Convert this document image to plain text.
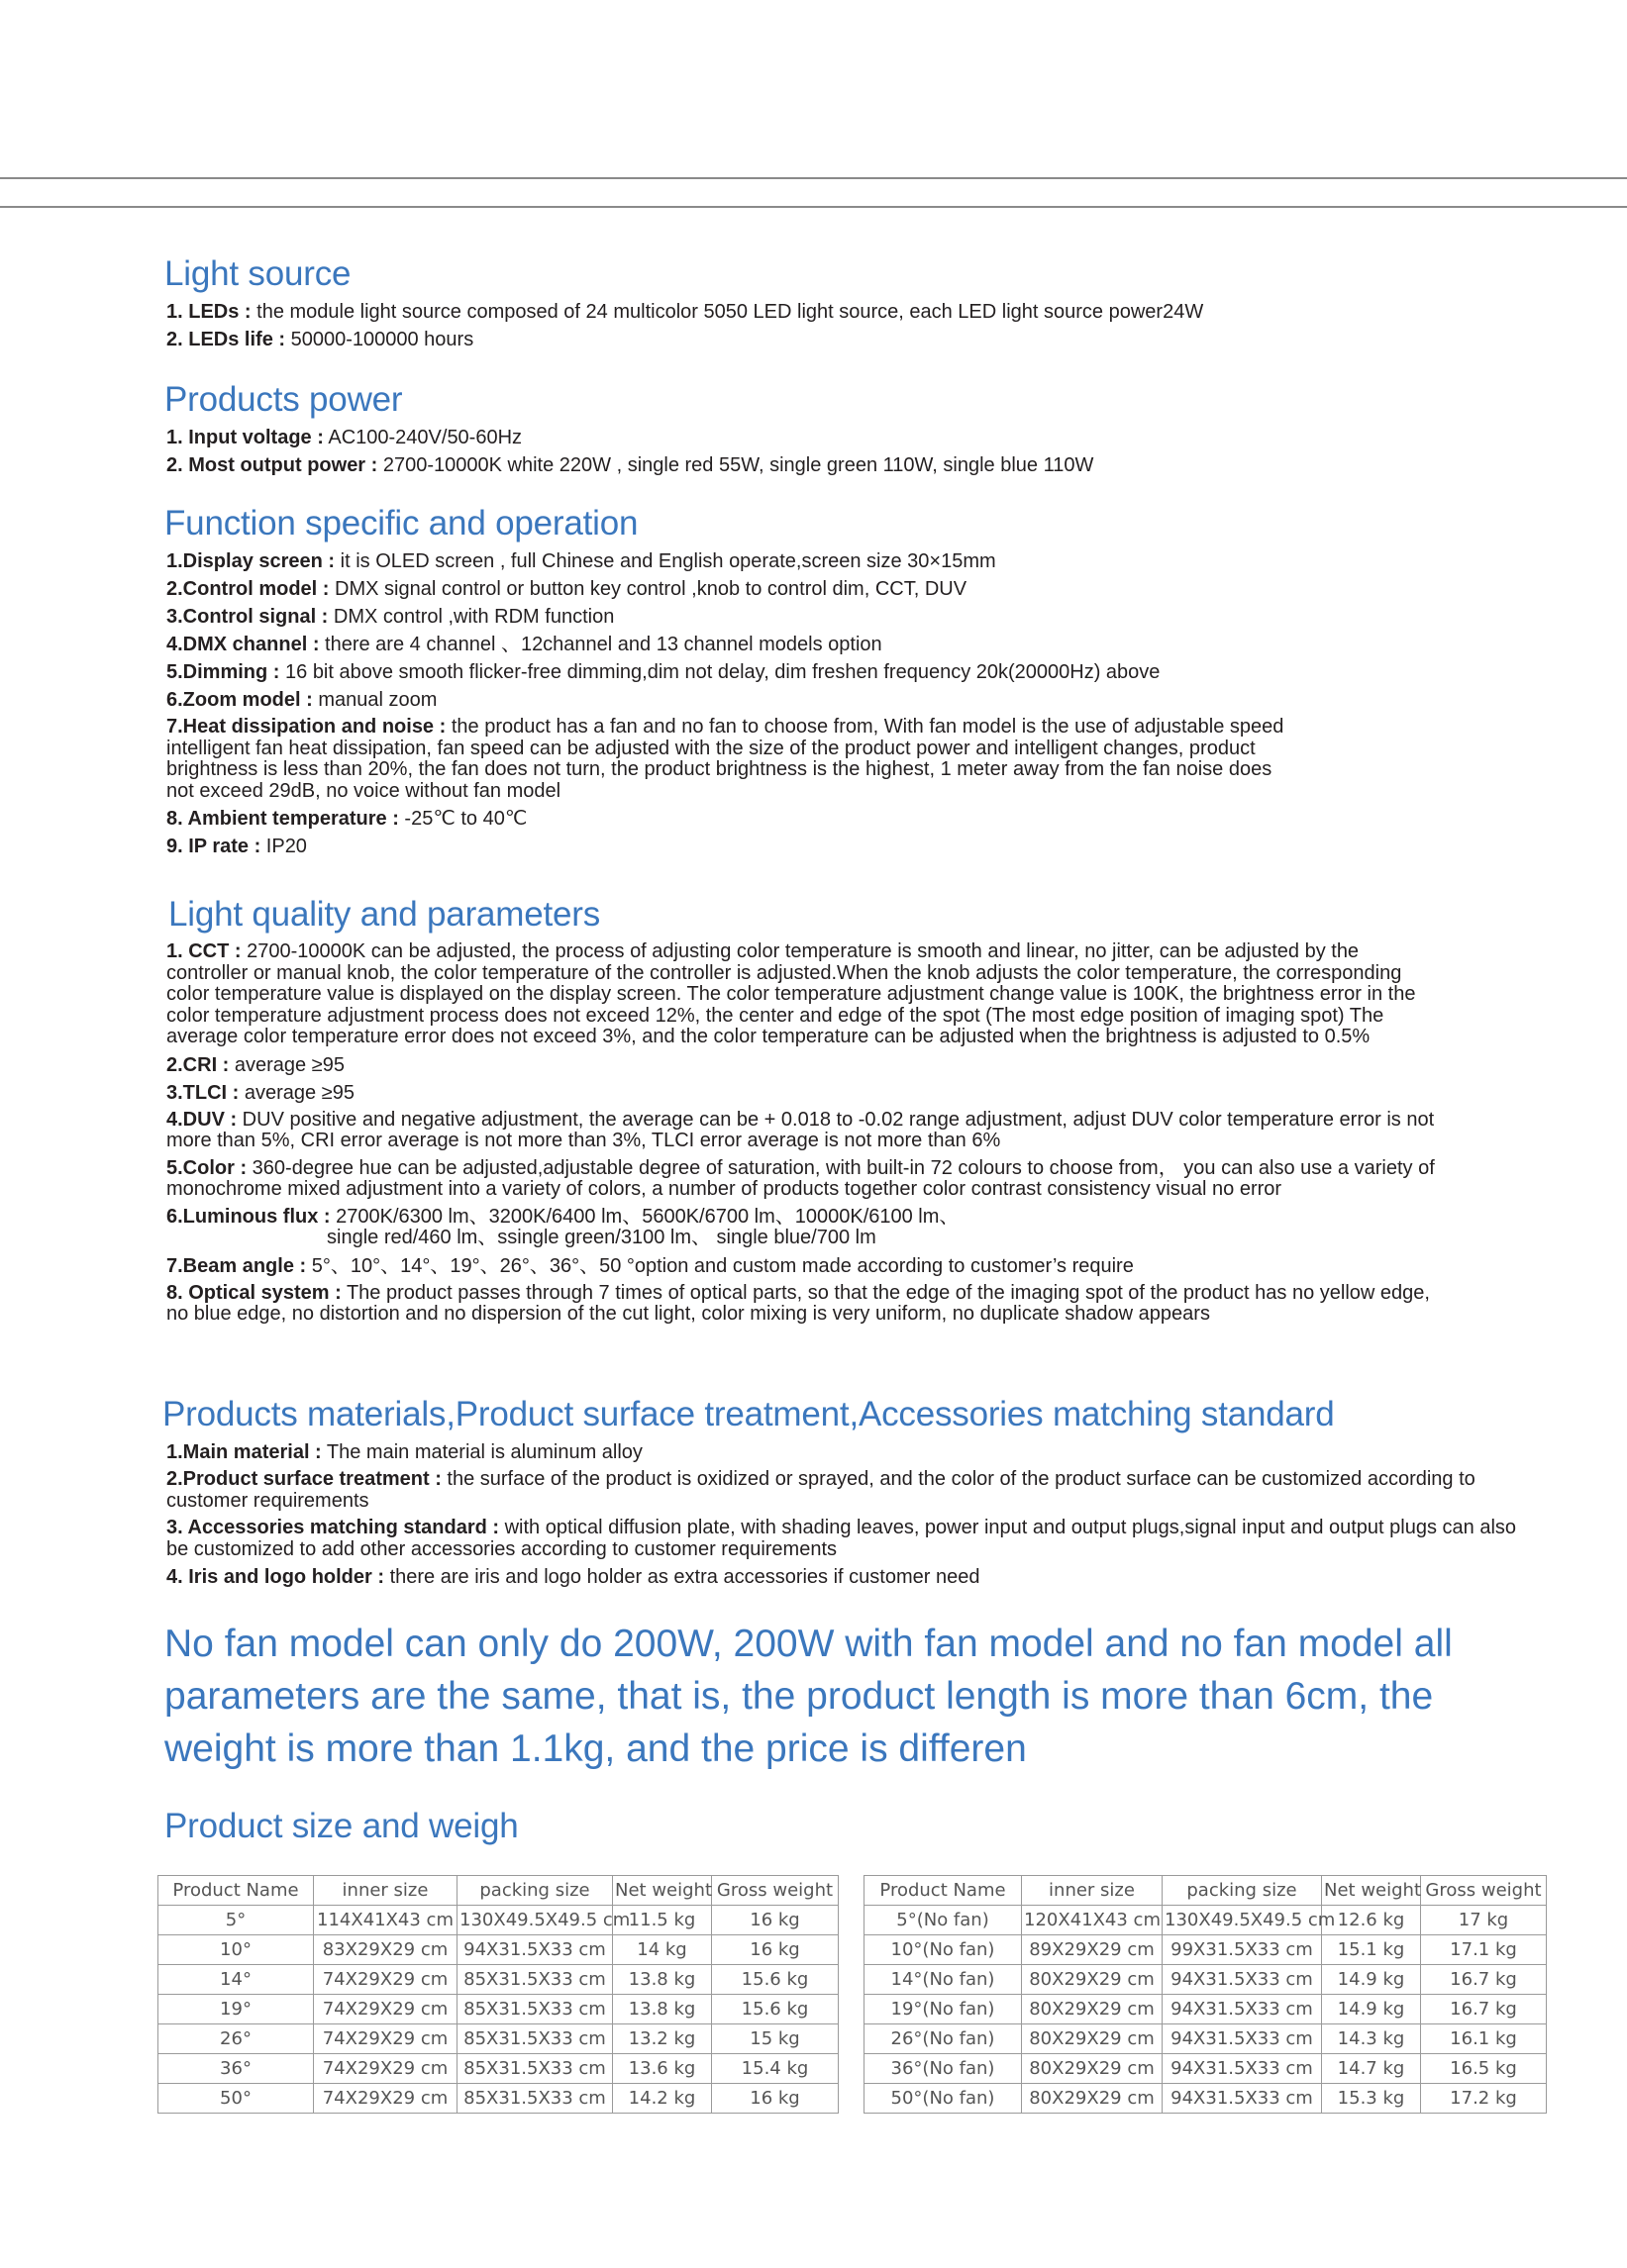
Light source
1. LEDs : the module light source composed of 24 multicolor 5050 LED light source, each LED light source power24W
2. LEDs life : 50000-100000 hours
Products power
1. Input voltage : AC100-240V/50-60Hz
2. Most output power : 2700-10000K white 220W , single red 55W, single green 110W, single blue 110W
Function specific and operation
1.Display screen : it is OLED screen , full Chinese and English operate,screen size 30×15mm
2.Control model : DMX signal control or button key control ,knob to control dim, CCT, DUV
3.Control signal : DMX control ,with RDM function
4.DMX channel : there are 4 channel 、12channel and 13 channel models option
5.Dimming : 16 bit above smooth flicker-free dimming,dim not delay, dim freshen frequency 20k(20000Hz) above
6.Zoom model : manual zoom
7.Heat dissipation and noise : the product has a fan and no fan to choose from, With fan model is the use of adjustable speed intelligent fan heat dissipation, fan speed can be adjusted with the size of the product power and intelligent changes, product brightness is less than 20%, the fan does not turn, the product brightness is the highest, 1 meter away from the fan noise does not exceed 29dB, no voice without fan model
8. Ambient temperature : -25℃ to 40℃
9. IP rate : IP20
Light quality and parameters
1. CCT : 2700-10000K can be adjusted, the process of adjusting color temperature is smooth and linear, no jitter, can be adjusted by the controller or manual knob, the color temperature of the controller is adjusted.When the knob adjusts the color temperature, the corresponding color temperature value is displayed on the display screen. The color temperature adjustment change value is 100K, the brightness error in the color temperature adjustment process does not exceed 12%, the center and edge of the spot (The most edge position of imaging spot) The average color temperature error does not exceed 3%, and the color temperature can be adjusted when the brightness is adjusted to 0.5%
2.CRI : average ≥95
3.TLCI : average ≥95
4.DUV : DUV positive and negative adjustment, the average can be + 0.018 to -0.02 range adjustment, adjust DUV color temperature error is not more than 5%, CRI error average is not more than 3%, TLCI error average is not more than 6%
5.Color : 360-degree hue can be adjusted,adjustable degree of saturation, with built-in 72 colours to choose from， you can also use a variety of monochrome mixed adjustment into a variety of colors, a number of products together color contrast consistency visual no error
6.Luminous flux : 2700K/6300 lm、3200K/6400 lm、5600K/6700 lm、10000K/6100 lm、
single red/460 lm、ssingle green/3100 lm、 single blue/700 lm
7.Beam angle : 5°、10°、14°、19°、26°、36°、50 °option and custom made according to customer’s require
8. Optical system : The product passes through 7 times of optical parts, so that the edge of the imaging spot of the product has no yellow edge, no blue edge, no distortion and no dispersion of the cut light, color mixing is very uniform, no duplicate shadow appears
Products materials,Product surface treatment,Accessories matching standard
1.Main material : The main material is aluminum alloy
2.Product surface treatment : the surface of the product is oxidized or sprayed, and the color of the product surface can be customized according to customer requirements
3. Accessories matching standard : with optical diffusion plate, with shading leaves, power input and output plugs,signal input and output plugs can also be customized to add other accessories according to customer requirements
4. Iris and logo holder : there are iris and logo holder as extra accessories if customer need
No fan model can only do 200W, 200W with fan model and no fan model all parameters are the same, that is, the product length is more than 6cm, the weight is more than 1.1kg, and the price is differen
Product size and weigh
Product Name	inner size	packing size	Net weight	Gross weight
5°	114X41X43 cm	130X49.5X49.5 cm	11.5 kg	16 kg
10°	83X29X29 cm	94X31.5X33 cm	14 kg	16 kg
14°	74X29X29 cm	85X31.5X33 cm	13.8 kg	15.6 kg
19°	74X29X29 cm	85X31.5X33 cm	13.8 kg	15.6 kg
26°	74X29X29 cm	85X31.5X33 cm	13.2 kg	15 kg
36°	74X29X29 cm	85X31.5X33 cm	13.6 kg	15.4 kg
50°	74X29X29 cm	85X31.5X33 cm	14.2 kg	16 kg
Product Name	inner size	packing size	Net weight	Gross weight
5°(No fan)	120X41X43 cm	130X49.5X49.5 cm	12.6 kg	17 kg
10°(No fan)	89X29X29 cm	99X31.5X33 cm	15.1 kg	17.1 kg
14°(No fan)	80X29X29 cm	94X31.5X33 cm	14.9 kg	16.7 kg
19°(No fan)	80X29X29 cm	94X31.5X33 cm	14.9 kg	16.7 kg
26°(No fan)	80X29X29 cm	94X31.5X33 cm	14.3 kg	16.1 kg
36°(No fan)	80X29X29 cm	94X31.5X33 cm	14.7 kg	16.5 kg
50°(No fan)	80X29X29 cm	94X31.5X33 cm	15.3 kg	17.2 kg
